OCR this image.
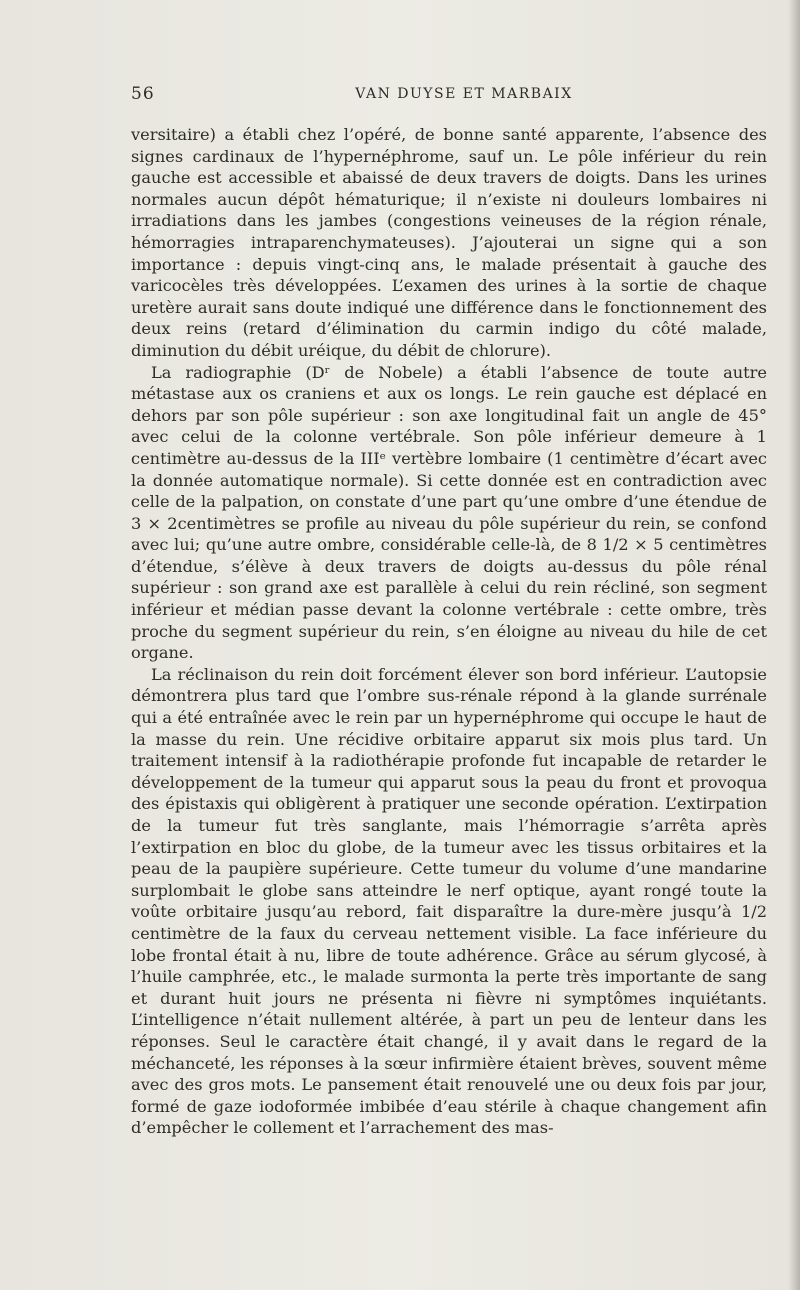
56	VAN DUYSE ET MARBAIX

versitaire) a établi chez l’opéré, de bonne santé apparente, l’absence des signes cardinaux de l’hypernéphrome, sauf un. Le pôle inférieur du rein gauche est accessible et abaissé de deux travers de doigts. Dans les urines normales aucun dépôt hématurique; il n’existe ni douleurs lombaires ni irradiations dans les jambes (congestions veineuses de la région rénale, hémorragies intraparenchymateuses). J’ajouterai un signe qui a son importance : depuis vingt-cinq ans, le malade présentait à gauche des varicocèles très développées. L’examen des urines à la sortie de chaque uretère aurait sans doute indiqué une différence dans le fonctionnement des deux reins (retard d’élimination du carmin indigo du côté malade, diminution du débit uréique, du débit de chlorure).

La radiographie (Dʳ de Nobele) a établi l’absence de toute autre métastase aux os craniens et aux os longs. Le rein gauche est déplacé en dehors par son pôle supérieur : son axe longitudinal fait un angle de 45° avec celui de la colonne vertébrale. Son pôle inférieur demeure à 1 centimètre au-dessus de la IIIᵉ vertèbre lombaire (1 centimètre d’écart avec la donnée automatique normale). Si cette donnée est en contradiction avec celle de la palpation, on constate d’une part qu’une ombre d’une étendue de 3 × 2centimètres se profile au niveau du pôle supérieur du rein, se confond avec lui; qu’une autre ombre, considérable celle-là, de 8 1/2 × 5 centimètres d’étendue, s’élève à deux travers de doigts au-dessus du pôle rénal supérieur : son grand axe est parallèle à celui du rein récliné, son segment inférieur et médian passe devant la colonne vertébrale : cette ombre, très proche du segment supérieur du rein, s’en éloigne au niveau du hile de cet organe.

La réclinaison du rein doit forcément élever son bord inférieur. L’autopsie démontrera plus tard que l’ombre sus-rénale répond à la glande surrénale qui a été entraînée avec le rein par un hypernéphrome qui occupe le haut de la masse du rein. Une récidive orbitaire apparut six mois plus tard. Un traitement intensif à la radiothérapie profonde fut incapable de retarder le développement de la tumeur qui apparut sous la peau du front et provoqua des épistaxis qui obligèrent à pratiquer une seconde opération. L’extirpation de la tumeur fut très sanglante, mais l’hémorragie s’arrêta après l’extirpation en bloc du globe, de la tumeur avec les tissus orbitaires et la peau de la paupière supérieure. Cette tumeur du volume d’une mandarine surplombait le globe sans atteindre le nerf optique, ayant rongé toute la voûte orbitaire jusqu’au rebord, fait disparaître la dure-mère jusqu’à 1/2 centimètre de la faux du cerveau nettement visible. La face inférieure du lobe frontal était à nu, libre de toute adhérence. Grâce au sérum glycosé, à l’huile camphrée, etc., le malade surmonta la perte très importante de sang et durant huit jours ne présenta ni fièvre ni symptômes inquiétants. L’intelligence n’était nullement altérée, à part un peu de lenteur dans les réponses. Seul le caractère était changé, il y avait dans le regard de la méchanceté, les réponses à la sœur infirmière étaient brèves, souvent même avec des gros mots. Le pansement était renouvelé une ou deux fois par jour, formé de gaze iodoformée imbibée d’eau stérile à chaque changement afin d’empêcher le collement et l’arrachement des mas-
